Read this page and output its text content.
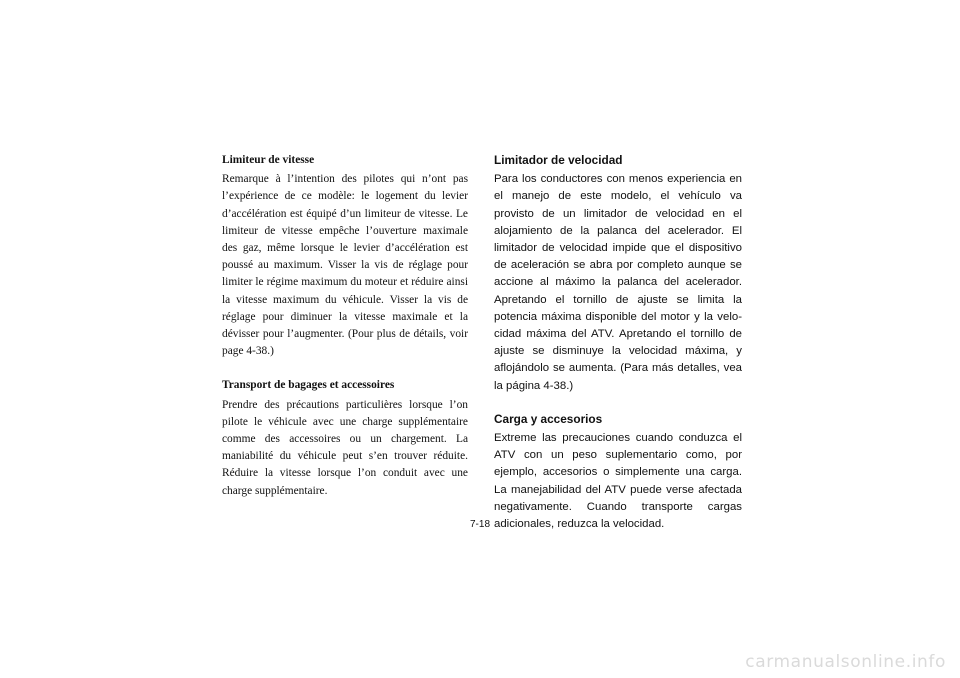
Limiteur de vitesse

Remarque à l’intention des pilotes qui n’ont pas l’expérience de ce modèle: le logement du levier d’accélération est équipé d’un limiteur de vitesse. Le limiteur de vitesse empêche l’ouverture maximale des gaz, même lorsque le levier d’accélération est poussé au maximum. Visser la vis de réglage pour limiter le régime maximum du moteur et réduire ainsi la vitesse maximum du véhicule. Visser la vis de réglage pour diminuer la vitesse maximale et la dévisser pour l’augmenter. (Pour plus de détails, voir page 4-38.)

Transport de bagages et accessoires

Prendre des précautions particulières lorsque l’on pilote le véhicule avec une charge supplémentaire comme des accessoires ou un chargement. La maniabilité du véhicule peut s’en trouver réduite. Réduire la vitesse lorsque l’on conduit avec une charge supplémentaire.

Limitador de velocidad

Para los conductores con menos experiencia en el manejo de este modelo, el vehículo va provisto de un limitador de velocidad en el alojamiento de la palanca del acelerador. El limitador de velocidad impide que el dispositivo de aceleración se abra por completo aunque se accione al máximo la palanca del acelerador. Apretando el tornillo de ajuste se limita la potencia máxima disponible del motor y la velocidad máxima del ATV. Apretando el tornillo de ajuste se disminuye la velocidad máxima, y aflojándolo se aumenta. (Para más detalles, vea la página 4-38.)

Carga y accesorios

Extreme las precauciones cuando conduzca el ATV con un peso suplementario como, por ejemplo, accesorios o simplemente una carga. La manejabilidad del ATV puede verse afectada negativamente. Cuando transporte cargas adicionales, reduzca la velocidad.

7-18
carmanualsonline.info
